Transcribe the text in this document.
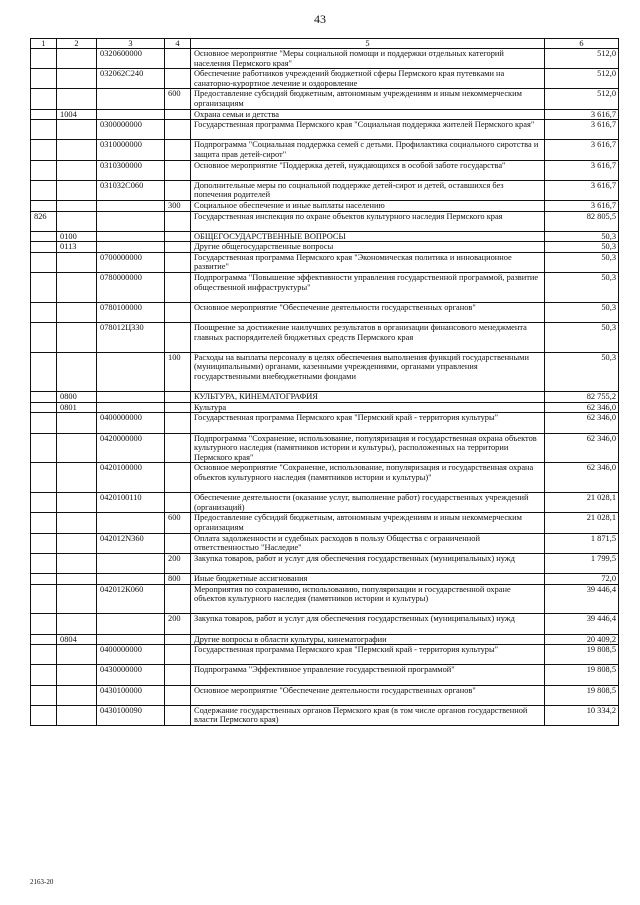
43
1	2	3	4	5	6
		0320600000		Основное мероприятие "Меры социальной помощи и поддержки отдельных категорий населения Пермского края"	512,0
		032062С240		Обеспечение работников учреждений бюджетной сферы Пермского края путевками на санаторно-курортное лечение и оздоровление	512,0
			600	Предоставление субсидий бюджетным, автономным учреждениям и иным некоммерческим организациям	512,0
	1004			Охрана семьи и детства	3 616,7
		0300000000		Государственная программа Пермского края "Социальная поддержка жителей Пермского края"	3 616,7
		0310000000		Подпрограмма "Социальная поддержка семей с детьми. Профилактика социального сиротства и защита прав детей-сирот"	3 616,7
		0310300000		Основное мероприятие "Поддержка детей, нуждающихся в особой заботе государства"	3 616,7
		031032С060		Дополнительные меры по социальной поддержке детей-сирот и детей, оставшихся без попечения родителей	3 616,7
			300	Социальное обеспечение и иные выплаты населению	3 616,7
826				Государственная инспекция по охране объектов культурного наследия Пермского края	82 805,5
	0100			ОБЩЕГОСУДАРСТВЕННЫЕ ВОПРОСЫ	50,3
	0113			Другие общегосударственные вопросы	50,3
		0700000000		Государственная программа Пермского края "Экономическая политика и инновационное развитие"	50,3
		0780000000		Подпрограмма "Повышение эффективности управления государственной программой, развитие общественной инфраструктуры"	50,3
		0780100000		Основное мероприятие "Обеспечение деятельности государственных органов"	50,3
		078012Ц330		Поощрение за достижение наилучших результатов в организации финансового менеджмента главных распорядителей бюджетных средств Пермского края	50,3
			100	Расходы на выплаты персоналу в целях обеспечения выполнения функций государственными (муниципальными) органами, казенными учреждениями, органами управления государственными внебюджетными фондами	50,3
	0800			КУЛЬТУРА, КИНЕМАТОГРАФИЯ	82 755,2
	0801			Культура	62 346,0
		0400000000		Государственная программа Пермского края "Пермский край - территория культуры"	62 346,0
		0420000000		Подпрограмма "Сохранение, использование, популяризация и государственная охрана объектов культурного наследия (памятников истории и культуры), расположенных на территории Пермского края"	62 346,0
		0420100000		Основное мероприятие "Сохранение, использование, популяризация и государственная охрана объектов культурного наследия (памятников истории и культуры)"	62 346,0
		0420100110		Обеспечение деятельности (оказание услуг, выполнение работ) государственных учреждений (организаций)	21 028,1
			600	Предоставление субсидий бюджетным, автономным учреждениям и иным некоммерческим организациям	21 028,1
		042012N360		Оплата задолженности и судебных расходов в пользу Общества с ограниченной ответственностью "Наследие"	1 871,5
			200	Закупка товаров, работ и услуг для обеспечения государственных (муниципальных) нужд	1 799,5
			800	Иные бюджетные ассигнования	72,0
		042012К060		Мероприятия по сохранению, использованию, популяризации и государственной охране объектов культурного наследия (памятников истории и культуры)	39 446,4
			200	Закупка товаров, работ и услуг для обеспечения государственных (муниципальных) нужд	39 446,4
	0804			Другие вопросы в области культуры, кинематографии	20 409,2
		0400000000		Государственная программа Пермского края "Пермский край - территория культуры"	19 808,5
		0430000000		Подпрограмма "Эффективное управление государственной программой"	19 808,5
		0430100000		Основное мероприятие "Обеспечение деятельности государственных органов"	19 808,5
		0430100090		Содержание государственных органов Пермского края (в том числе органов государственной власти Пермского края)	10 334,2
2163-20
